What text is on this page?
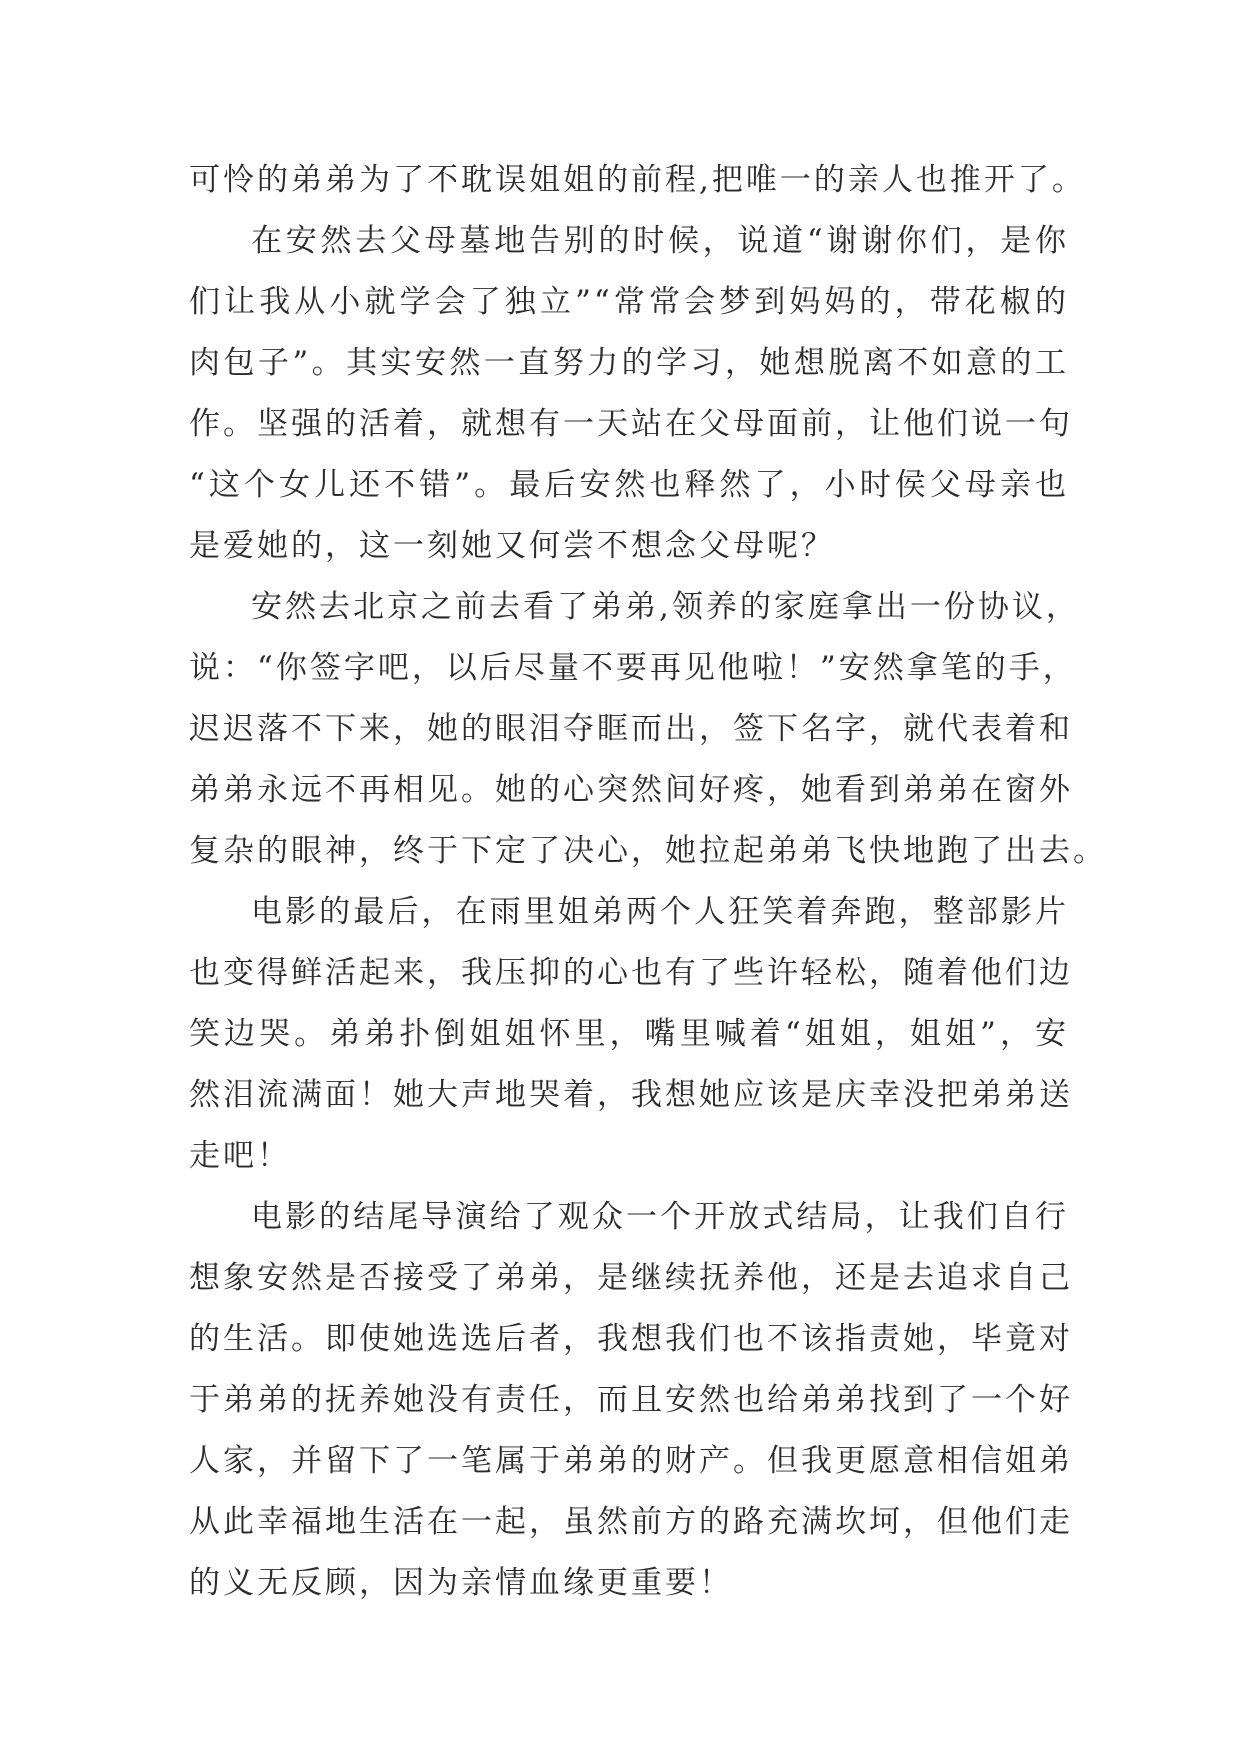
可怜的弟弟为了不耽误姐姐的前程,把唯一的亲人也推开了。
在安然去父母墓地告别的时候，说道“谢谢你们，是你
们让我从小就学会了独立”“常常会梦到妈妈的，带花椒的
肉包子”。其实安然一直努力的学习，她想脱离不如意的工
作。坚强的活着，就想有一天站在父母面前，让他们说一句
“这个女儿还不错”。最后安然也释然了，小时侯父母亲也
是爱她的，这一刻她又何尝不想念父母呢？
安然去北京之前去看了弟弟,领养的家庭拿出一份协议，
说：“你签字吧，以后尽量不要再见他啦！”安然拿笔的手，
迟迟落不下来，她的眼泪夺眶而出，签下名字，就代表着和
弟弟永远不再相见。她的心突然间好疼，她看到弟弟在窗外
复杂的眼神，终于下定了决心，她拉起弟弟飞快地跑了出去。
电影的最后，在雨里姐弟两个人狂笑着奔跑，整部影片
也变得鲜活起来，我压抑的心也有了些许轻松，随着他们边
笑边哭。弟弟扑倒姐姐怀里，嘴里喊着“姐姐，姐姐”，安
然泪流满面！她大声地哭着，我想她应该是庆幸没把弟弟送
走吧！
电影的结尾导演给了观众一个开放式结局，让我们自行
想象安然是否接受了弟弟，是继续抚养他，还是去追求自己
的生活。即使她选选后者，我想我们也不该指责她，毕竟对
于弟弟的抚养她没有责任，而且安然也给弟弟找到了一个好
人家，并留下了一笔属于弟弟的财产。但我更愿意相信姐弟
从此幸福地生活在一起，虽然前方的路充满坎坷，但他们走
的义无反顾，因为亲情血缘更重要！
